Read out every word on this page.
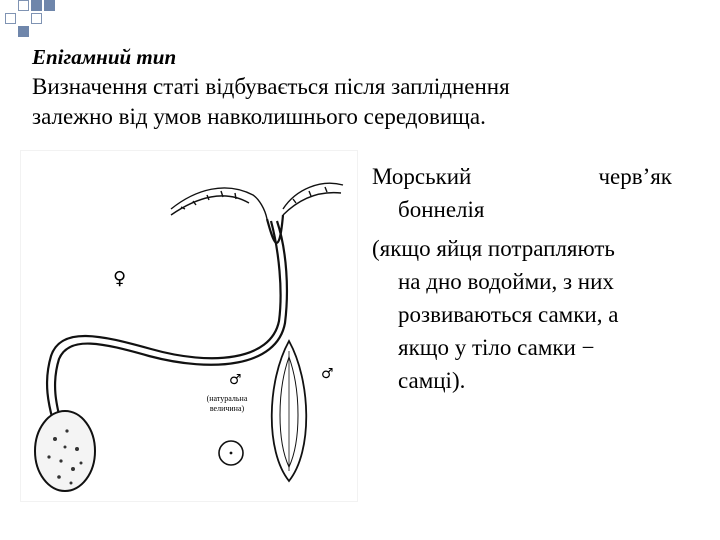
Епігамний тип

Визначення статі відбувається після запліднення

залежно від умов навколишнього середовища.

♀
♂	♂
(натуральна
величина)
Морський	черв’як
боннелія
(якщо яйця потрапляють
на дно водойми, з них
розвиваються самки, а
якщо у тіло самки −
самці).
